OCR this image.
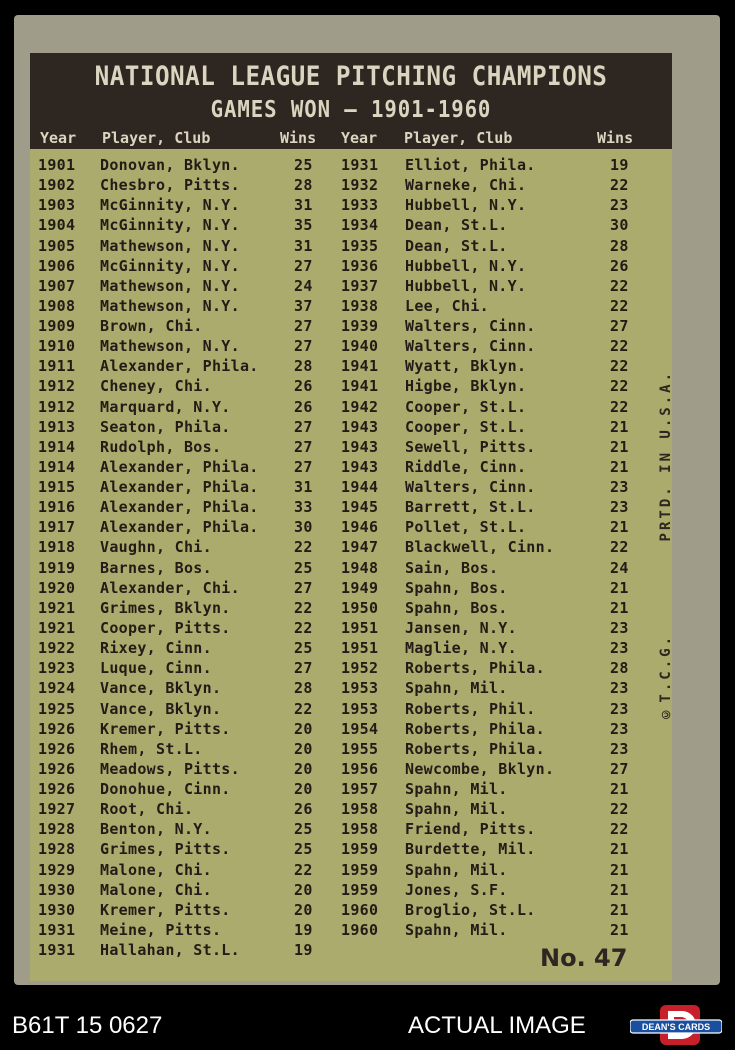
NATIONAL LEAGUE PITCHING CHAMPIONS
GAMES WON — 1901-1960
Year Player, Club	Wins Year Player, Club	Wins
1901 Donovan, Bklyn.	25
1902 Chesbro, Pitts.	28
1903 McGinnity, N.Y.	31
1904 McGinnity, N.Y.	35
1905 Mathewson, N.Y.	31
1906 McGinnity, N.Y.	27
1907 Mathewson, N.Y.	24
1908 Mathewson, N.Y.	37
1909 Brown, Chi.	27
1910 Mathewson, N.Y.	27
1911 Alexander, Phila. 28
1912 Cheney, Chi.	26
1912 Marquard, N.Y.	26
1913 Seaton, Phila.	27
1914 Rudolph, Bos.	27
1914 Alexander, Phila. 27
1915 Alexander, Phila. 31
1916 Alexander, Phila. 33
1917 Alexander, Phila. 30
1918 Vaughn, Chi.	22
1919 Barnes, Bos.	25
1920 Alexander, Chi.	27
1921 Grimes, Bklyn.	22
1921 Cooper, Pitts.	22
1922 Rixey, Cinn.	25
1923 Luque, Cinn.	27
1924 Vance, Bklyn.	28
1925 Vance, Bklyn.	22
1926 Kremer, Pitts.	20
1926 Rhem, St.L.	20
1926 Meadows, Pitts.	20
1926 Donohue, Cinn.	20
1927 Root, Chi.	26
1928 Benton, N.Y.	25
1928 Grimes, Pitts.	25
1929 Malone, Chi.	22
1930 Malone, Chi.	20
1930 Kremer, Pitts.	20
1931 Meine, Pitts.	19
1931 Hallahan, St.L.	19
1931 Elliot, Phila.	19
1932 Warneke, Chi.	22
1933 Hubbell, N.Y.	23
1934 Dean, St.L.	30
1935 Dean, St.L.	28
1936 Hubbell, N.Y.	26
1937 Hubbell, N.Y.	22
1938 Lee, Chi.	22
1939 Walters, Cinn.	27
1940 Walters, Cinn.	22
1941 Wyatt, Bklyn.	22
1941 Higbe, Bklyn.	22
1942 Cooper, St.L.	22
1943 Cooper, St.L.	21
1943 Sewell, Pitts.	21
1943 Riddle, Cinn.	21
1944 Walters, Cinn.	23
1945 Barrett, St.L.	23
1946 Pollet, St.L.	21
1947 Blackwell, Cinn.	22
1948 Sain, Bos.	24
1949 Spahn, Bos.	21
1950 Spahn, Bos.	21
1951 Jansen, N.Y.	23
1951 Maglie, N.Y.	23
1952 Roberts, Phila.	28
1953 Spahn, Mil.	23
1953 Roberts, Phil.	23
1954 Roberts, Phila.	23
1955 Roberts, Phila.	23
1956 Newcombe, Bklyn.	27
1957 Spahn, Mil.	21
1958 Spahn, Mil.	22
1958 Friend, Pitts.	22
1959 Burdette, Mil.	21
1959 Spahn, Mil.	21
1959 Jones, S.F.	21
1960 Broglio, St.L.	21
1960 Spahn, Mil.	21
PRTD. IN U.S.A.
©T.C.G.
No. 47
B61T 15 0627	ACTUAL IMAGE	DEAN'S CARDS
